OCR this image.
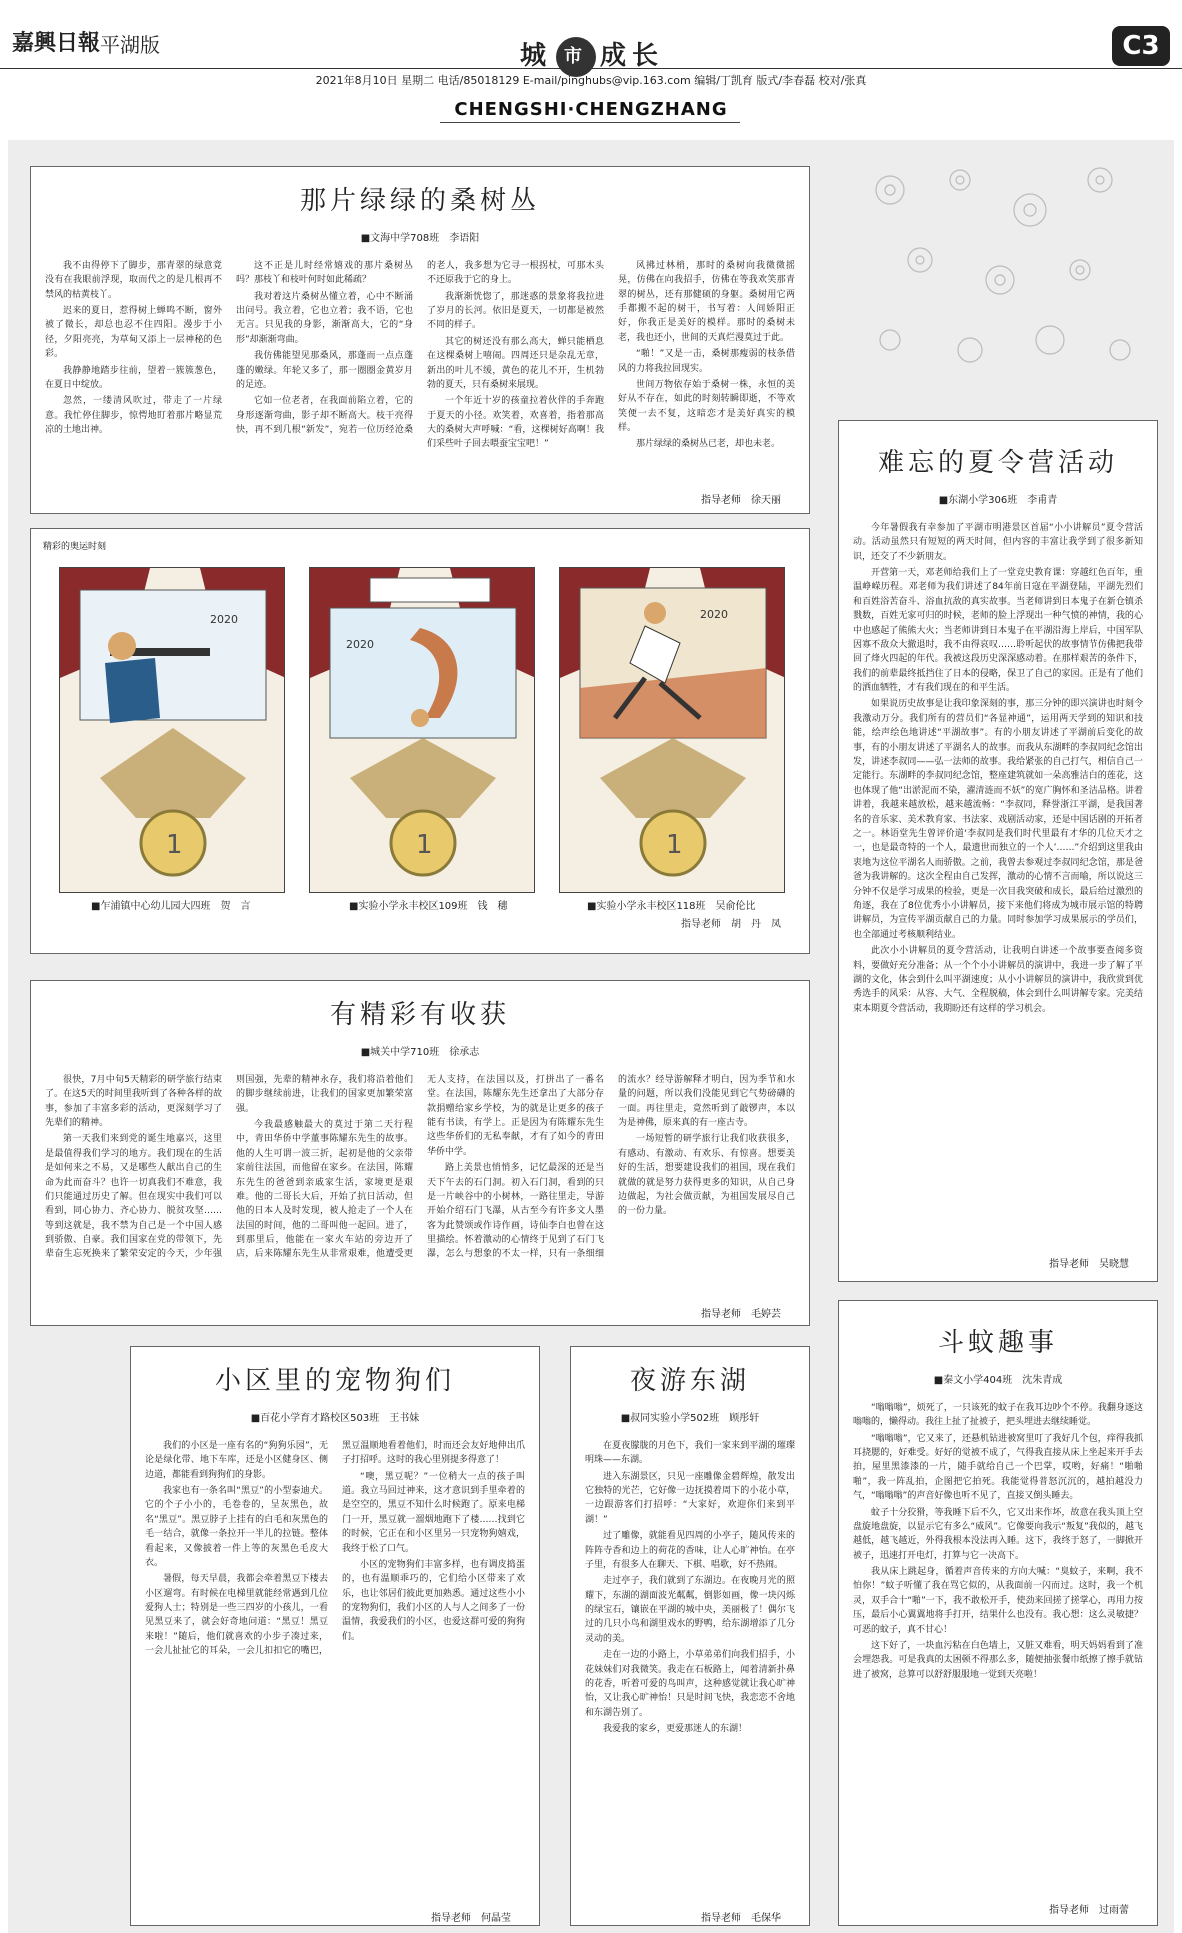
嘉興日報 平湖版	城 市 成长	C3
2021年8月10日 星期二 电话/85018129 E-mail/pinghubs@vip.163.com 编辑/丁凯育 版式/李春磊 校对/张真
CHENGSHI·CHENGZHANG
那片绿绿的桑树丛
■文海中学708班　李语阳

我不由得停下了脚步，那青翠的绿意竟没有在我眼前浮现，取而代之的是几根再不禁风的枯黄枝丫。

迟来的夏日，惹得树上蝉鸣不断，窗外被了微长，却总也忍不住四阳。漫步于小径，夕阳亮亮，为草甸又添上一层神秘的色彩。

我静静地踏步往前，望着一簇簇葱色，在夏日中绽放。

忽然，一缕清风吹过，带走了一片绿意。我忙停住脚步，惊愕地盯着那片略显荒凉的土地出神。

这不正是儿时经常嬉戏的那片桑树丛吗？那枝丫和枝叶何时如此稀疏？

我对着这片桑树丛懂立着，心中不断涌出问号。我立着，它也立着；我不语，它也无言。只见我的身影，渐渐高大，它的“身形”却渐渐弯曲。

我仿佛能望见那桑风，那蓬而一点点蓬蓬的嫩绿。年轮又多了，那一圈圈金黄岁月的足迹。

它如一位老者，在我面前陷立着，它的身形逐渐弯曲，影子却不断高大。枝干亮得快，再不到几根“新发”，宛若一位历经沧桑的老人，我多想为它寻一根拐杖，可那木头不还原我于它的身上。

我渐渐恍惚了，那迷惑的景象将我拉进了岁月的长河。依旧是夏天，一切都是被然不同的样子。

其它的树还没有那么高大，蝉只能栖息在这棵桑树上嘻闹。四周还只是杂乱无章，新出的叶儿不缓，黄色的花儿不开，生机勃勃的夏天，只有桑树来展现。

一个年近十岁的孩童拉着伙伴的手奔跑于夏天的小径。欢笑着，欢喜着，指着那高大的桑树大声呼喊：“看，这棵树好高啊！我们采些叶子回去喂蚕宝宝吧！”

风拂过林梢，那时的桑树向我微微摇晃，仿佛在向我招手，仿佛在等我欢笑那青翠的树丛，还有那健硕的身躯。桑树用它两手都搬不起的树干，书写着：人间娇阳正好，你我正是美好的模样。那时的桑树未老，我也还小，世间的天真烂漫莫过于此。

“啪！”又是一击，桑树那瘦弱的枝条借风的力将我拉回现实。

世间万物依存始于桑树一株，永恒的美好从不存在，如此的时刻转瞬即逝，不等欢笑便一去不复，这暗恋才是美好真实的模样。

那片绿绿的桑树丛已老，却也未老。

指导老师　徐天丽
精彩的奥运时刻
2020
1
2020
1
2020
1
■乍浦镇中心幼儿园大四班　贺　言	■实验小学永丰校区109班　钱　穗	■实验小学永丰校区118班　吴俞伦比
指导老师　胡　丹　凤
难忘的夏令营活动
■东湖小学306班　李甫青

今年暑假我有幸参加了平湖市明港景区首届“小小讲解员”夏令营活动。活动虽然只有短短的两天时间，但内容的丰富让我学到了很多新知识，还交了不少新朋友。

开营第一天，邓老师给我们上了一堂竞史教育课：穿越红色百年，重温峥嵘历程。邓老师为我们讲述了84年前日寇在平湖登陆，平湖先烈们和百姓浴苦奋斗、浴血抗敌的真实故事。当老师讲到日本鬼子在新仓镇杀戮数，百姓无家可归的时候，老师的脸上浮现出一种气愤的神情，我的心中也感起了熊熊大火；当老师讲到日本鬼子在平湖沿海上岸后，中国军队因寡不敌众大撤退时，我不由得哀叹……聆听起伏的故事情节仿佛把我带回了烽火四起的年代。我被这段历史深深感动着。在那样艰苦的条件下，我们的前辈最终抵挡住了日本的侵略，保卫了自己的家园。正是有了他们的洒血牺牲，才有我们现在的和平生活。

如果说历史故事是让我印象深刻的事，那三分钟的即兴演讲也时刻令我激动万分。我们所有的营员们“各显神通”，运用两天学到的知识和技能，绘声绘色地讲述“平湖故事”。有的小朋友讲述了平湖前后变化的故事，有的小朋友讲述了平湖名人的故事。而我从东湖畔的李叔同纪念馆出发，讲述李叔同——弘一法师的故事。我给紧张的自己打气，相信自己一定能行。东湖畔的李叔同纪念馆，整座建筑就如一朵高雅洁白的莲花，这也体现了他“出淤泥而不染，濯清涟而不妖”的宽广胸怀和圣洁品格。讲着讲着，我越来越放松，越来越流畅：“李叔同，释誉浙江平湖，是我国著名的音乐家、美术教育家、书法家、戏剧活动家，还是中国话剧的开拓者之一。林语堂先生曾评价道‘李叔同是我们时代里最有才华的几位天才之一，也是最奇特的一个人，最遗世而独立的一个人’……”介绍到这里我由衷地为这位平湖名人而骄傲。之前，我曾去参观过李叔同纪念馆，那是爸爸为我讲解的。这次全程由自己发挥，激动的心情不言而喻，所以说这三分钟不仅是学习成果的检验，更是一次目我突破和成长，最后给过激烈的角逐，我在了8位优秀小小讲解员，接下来他们将成为城市展示馆的特聘讲解员，为宣传平湖贡献自己的力量。同时参加学习成果展示的学员们，也全部通过考核顺利结业。

此次小小讲解员的夏令营活动，让我明白讲述一个故事要查阅多资料，要做好充分准备；从一个个小小讲解员的演讲中，我进一步了解了平湖的文化，体会到什么叫平湖速度；从小小讲解员的演讲中，我欣赏到优秀选手的风采：从容、大气、全程脱稿，体会到什么叫讲解专家。完美结束本期夏令营活动，我期盼还有这样的学习机会。

指导老师　吴晓慧
有精彩有收获
■城关中学710班　徐承志

很快，7月中旬5天精彩的研学旅行结束了。在这5天的时间里我听到了各种各样的故事，参加了丰富多彩的活动，更深刻学习了先辈们的精神。

第一天我们来到党的诞生地嘉兴，这里是最值得我们学习的地方。我们现在的生活是如何来之不易，又是哪些人献出自己的生命为此而奋斗？也许一切真我们不难意，我们只能通过历史了解。但在现实中我们可以看到，同心协力、齐心协力、脱贫攻坚……等到这就是，我不禁为自己是一个中国人感到骄傲、自豪。我们国家在党的带领下，先辈奋生忘死换来了繁荣安定的今天，少年强则国强，先辈的精神永存，我们将沿着他们的脚步继续前进，让我们的国家更加繁荣富强。

今我最感触最大的莫过于第二天行程中，青田华侨中学董事陈耀东先生的故事。他的人生可谓一波三折，起初是他的父亲带家前往法国，而他留在家乡。在法国，陈耀东先生的爸爸到亲戚家生活，家境更是艰难。他的二哥长大后，开始了抗日活动，但他的日本人及时发现，被人抢走了一个人在法国的时间，他的二哥叫他一起回。进了，到那里后，他能在一家火车站的旁边开了店，后来陈耀东先生从非常艰难，他遭受更无人支持，在法国以及，打拼出了一番名堂。在法国，陈耀东先生还拿出了大部分存款捐赠给家乡学校，为的就是让更多的孩子能有书读，有学上。正是因为有陈耀东先生这些华侨们的无私奉献，才有了如今的青田华侨中学。

路上美景也悄悄多，记忆最深的还是当天下午去的石门洞。初入石门洞，看到的只是一片峡谷中的小树林，一路往里走，导游开始介绍石门飞瀑，从古至今有许多文人墨客为此赞颂或作诗作画，诗仙李白也曾在这里描绘。怀着激动的心情终于见到了石门飞瀑，怎么与想象的不太一样，只有一条细细的流水？经导游解释才明白，因为季节和水量的问题，所以我们没能见到它气势磅礴的一面。再往里走，竟然听到了敲锣声，本以为是神佛，原来真的有一座古寺。

一场短暂的研学旅行让我们收获很多，有感动、有激动、有欢乐、有惊喜。想要美好的生活，想要建设我们的祖国，现在我们就做的就是努力获得更多的知识，从自己身边做起，为社会做贡献，为祖国发展尽自己的一份力量。

指导老师　毛婷芸
小区里的宠物狗们
■百花小学育才路校区503班　王书妹

我们的小区是一座有名的“狗狗乐园”，无论是绿化带、地下车库，还是小区健身区、侧边道，都能看到狗狗们的身影。

我家也有一条名叫“黑豆”的小型泰迪犬。它的个子小小的，毛卷卷的，呈灰黑色，故名“黑豆”。黑豆脖子上挂有的白毛和灰黑色的毛一结合，就像一条拉开一半儿的拉链。整体看起来，又像披着一件上等的灰黑色毛皮大衣。

暑假，每天早晨，我都会牵着黑豆下楼去小区遛弯。有时候在电梯里就能经常遇到几位爱狗人士；特别是一些三四岁的小孩儿，一看见黑豆来了，就会好奇地问道：“黑豆！黑豆来啦！”随后，他们就喜欢的小步子凑过来，一会儿扯扯它的耳朵，一会儿扣扣它的嘴巴，黑豆温顺地看着他们，时而还会友好地伸出爪子打招呼。这时的我心里别提多得意了！

“噢，黑豆呢？”一位稍大一点的孩子叫道。我立马回过神来，这才意识到手里牵着的是空空的，黑豆不知什么时候跑了。原来电梯门一开，黑豆就一溜烟地跑下了楼……找到它的时候，它正在和小区里另一只宠物狗嬉戏，我终于松了口气。

小区的宠物狗们丰富多样，也有调皮捣蛋的，也有温顺乖巧的，它们给小区带来了欢乐，也让邻居们彼此更加熟悉。通过这些小小的宠物狗们，我们小区的人与人之间多了一份温情，我爱我们的小区，也爱这群可爱的狗狗们。

指导老师　何晶莹
夜游东湖
■叔同实验小学502班　顾彤轩

在夏夜朦胧的月色下，我们一家来到平湖的璀璨明珠——东湖。

进入东湖景区，只见一座雕像金碧辉煌，散发出它独特的光芒，它好像一边抚摸着周下的小花小草，一边跟游客们打招呼：“大家好，欢迎你们来到平湖！”

过了雕像，就能看见四周的小亭子，随风传来的阵阵寺香和边上的荷花的香味，让人心旷神怡。在亭子里，有很多人在聊天、下棋、唱歌，好不热闹。

走过亭子，我们就到了东湖边。在夜晚月光的照耀下，东湖的湖面波光粼粼，倒影如画，像一块闪烁的绿宝石，镶嵌在平湖的城中央，美丽极了！偶尔飞过的几只小鸟和湖里戏水的野鸭，给东湖增添了几分灵动的美。

走在一边的小路上，小草弟弟们向我们招手，小花妹妹们对我微笑。我走在石板路上，闻着清新扑鼻的花香，听着可爱的鸟叫声，这种感觉就让我心旷神怡，又让我心旷神怡！只是时间飞快，我恋恋不舍地和东湖告别了。

我爱我的家乡，更爱那迷人的东湖！

指导老师　毛保华
斗蚊趣事
■秦文小学404班　沈朱青成

“嗡嗡嗡”，烦死了，一只该死的蚊子在我耳边吵个不停。我翻身逐这嗡嗡的，懒得动。我往上扯了扯被子，把头埋进去继续睡觉。

“嗡嗡嗡”，它又来了，还悬机钻进被窝里叮了我好几个包，痒得我抓耳挠腮的，好难受。好好的觉被不成了，气得我直接从床上坐起来开手去拍，屋里黑漆漆的一片，随手就给自己一个巴掌，哎哟，好痛！“啪啪啪”，我一阵乱拍，企图把它拍死。我能觉得普怒沉沉的，越拍越没力气，“嗡嗡嗡”的声音好像也听不见了，直接又倒头睡去。

蚊子十分狡猾，等我睡下后不久，它又出来作坏，故意在我头顶上空盘旋地盘旋，以显示它有多么“威风”。它像要向我示“叛复”我似的，越飞越低，越飞越近，外得我根本没法再入睡。这下，我终于怒了，一脚掀开被子，迅速打开电灯，打算与它一决高下。

我从床上跳起身，循着声音传来的方向大喊：“臭蚊子，来啊，我不怕你！”蚊子听懂了我在骂它似的，从我面前一闪而过。这时，我一个机灵，双手合十“啪”一下，我不敢松开手，使劲来回搓了搓掌心，再用力按压，最后小心翼翼地将手打开，结果什么也没有。我心想：这么灵敏捷？可恶的蚊子，真不甘心！

这下好了，一块血污粘在白色墙上，又脏又难看，明天妈妈看到了准会埋怨我。可是我真的太困顿不得那么多，随便抽张餐巾纸擦了擦手就钻进了被窝，总算可以舒舒服服地一觉到天亮啦！

指导老师　过雨蕾
